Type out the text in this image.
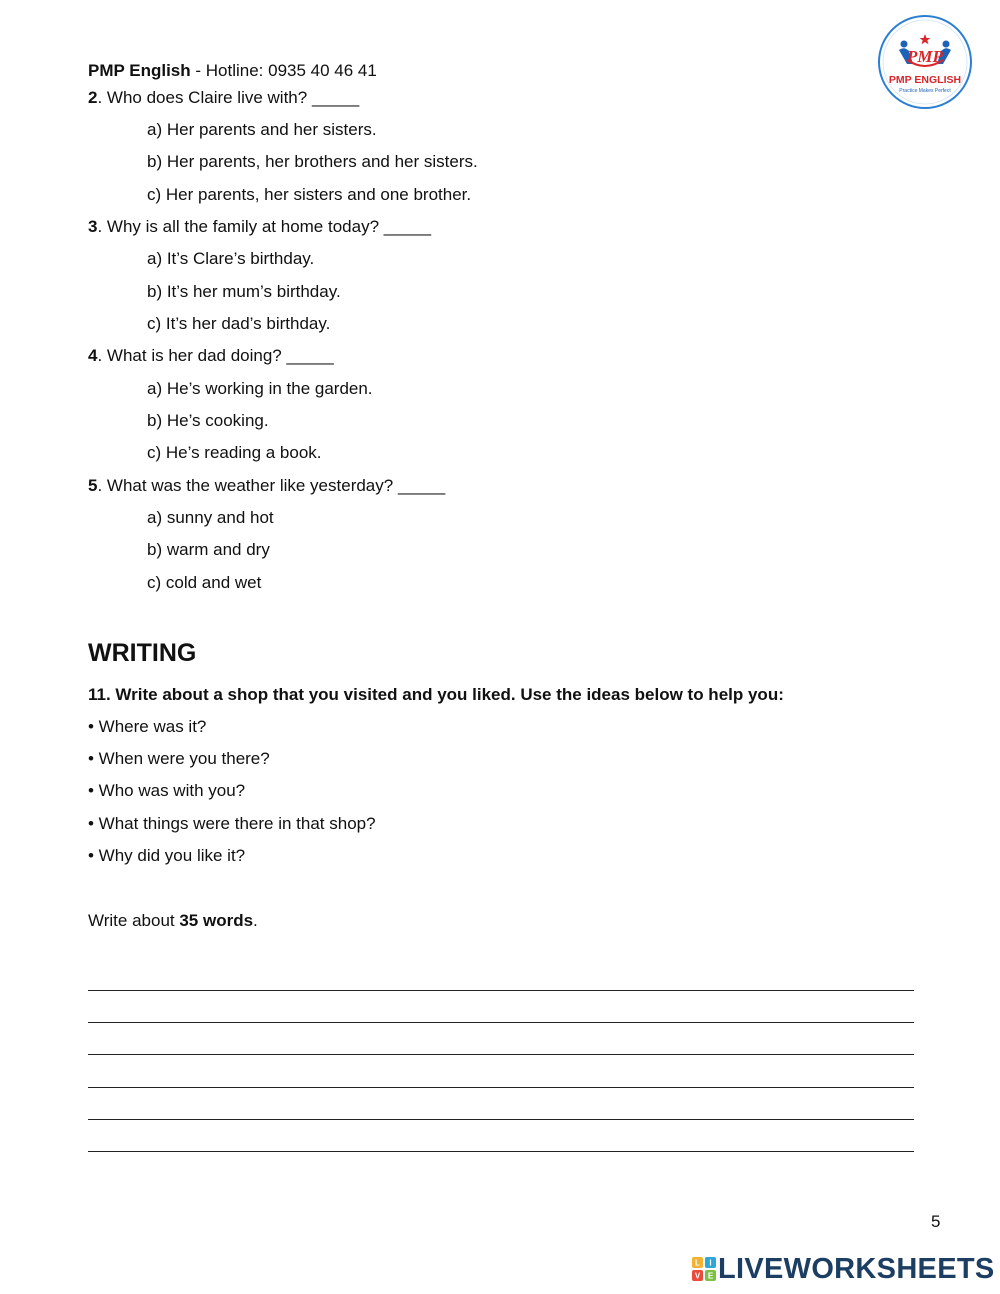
PMP English - Hotline: 0935 40 46 41
PMP
PMP ENGLISH
Practice Makes Perfect
2. Who does Claire live with? _____
a) Her parents and her sisters.
b) Her parents, her brothers and her sisters.
c) Her parents, her sisters and one brother.
3. Why is all the family at home today? _____
a) It’s Clare’s birthday.
b) It’s her mum’s birthday.
c) It’s her dad’s birthday.
4. What is her dad doing? _____
a) He’s working in the garden.
b) He’s cooking.
c) He’s reading a book.
5. What was the weather like yesterday? _____
a) sunny and hot
b) warm and dry
c) cold and wet
WRITING
11. Write about a shop that you visited and you liked. Use the ideas below to help you:
• Where was it?
• When were you there?
• Who was with you?
• What things were there in that shop?
• Why did you like it?
Write about 35 words.
5
L I
V E LIVEWORKSHEETS
